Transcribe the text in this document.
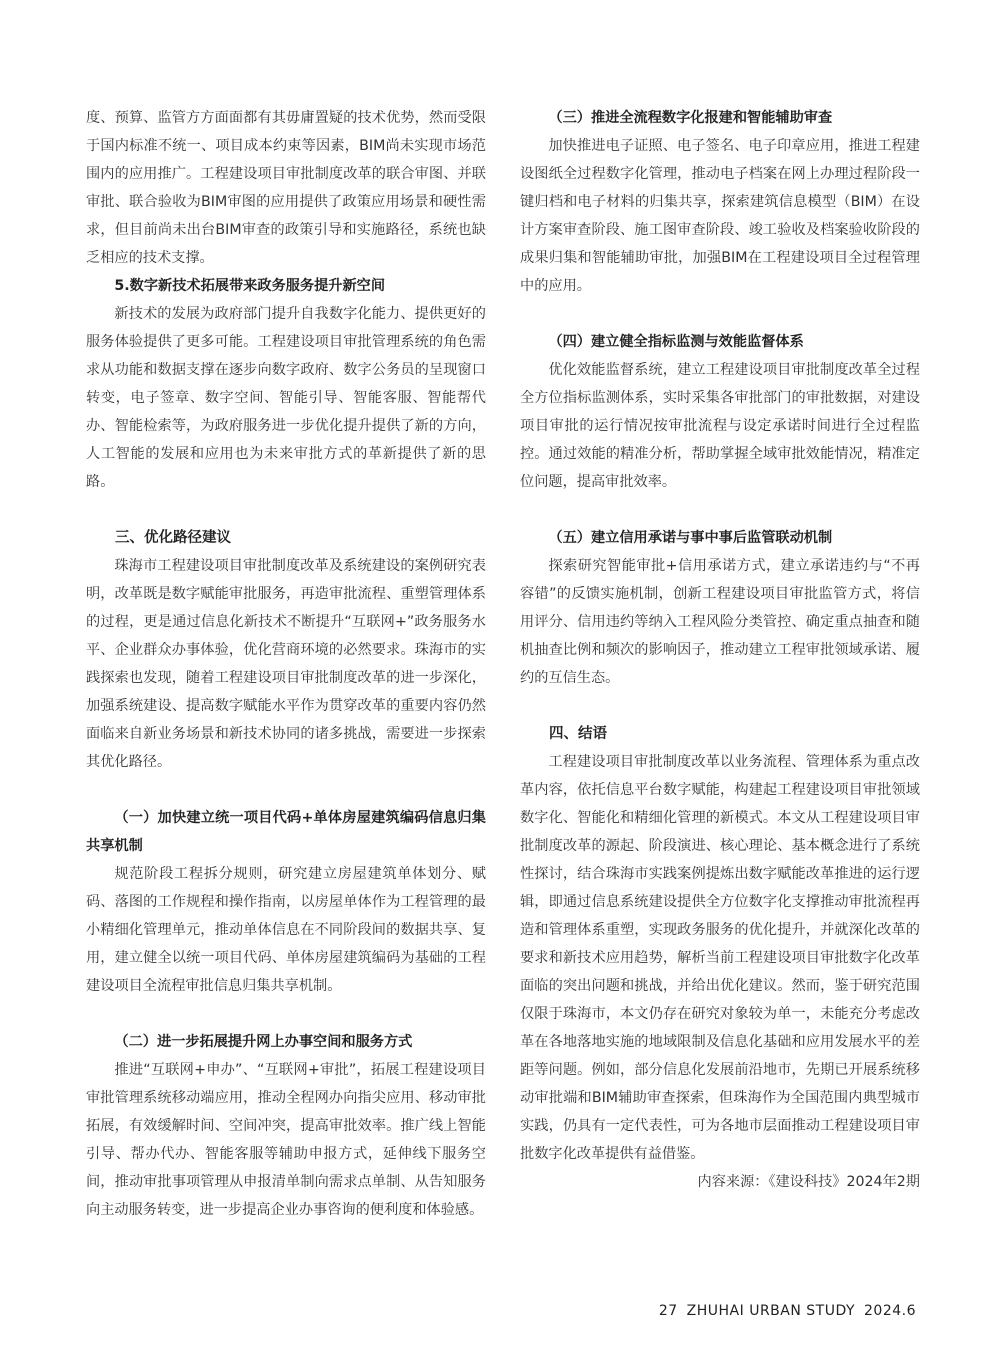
度、预算、监管方方面面都有其毋庸置疑的技术优势，然而受限于国内标准不统一、项目成本约束等因素，BIM尚未实现市场范围内的应用推广。工程建设项目审批制度改革的联合审图、并联审批、联合验收为BIM审图的应用提供了政策应用场景和硬性需求，但目前尚未出台BIM审查的政策引导和实施路径，系统也缺乏相应的技术支撑。

5.数字新技术拓展带来政务服务提升新空间

新技术的发展为政府部门提升自我数字化能力、提供更好的服务体验提供了更多可能。工程建设项目审批管理系统的角色需求从功能和数据支撑在逐步向数字政府、数字公务员的呈现窗口转变，电子签章、数字空间、智能引导、智能客服、智能帮代办、智能检索等，为政府服务进一步优化提升提供了新的方向，人工智能的发展和应用也为未来审批方式的革新提供了新的思路。

三、优化路径建议

珠海市工程建设项目审批制度改革及系统建设的案例研究表明，改革既是数字赋能审批服务，再造审批流程、重塑管理体系的过程，更是通过信息化新技术不断提升“互联网+”政务服务水平、企业群众办事体验，优化营商环境的必然要求。珠海市的实践探索也发现，随着工程建设项目审批制度改革的进一步深化，加强系统建设、提高数字赋能水平作为贯穿改革的重要内容仍然面临来自新业务场景和新技术协同的诸多挑战，需要进一步探索其优化路径。

（一）加快建立统一项目代码+单体房屋建筑编码信息归集共享机制

规范阶段工程拆分规则，研究建立房屋建筑单体划分、赋码、落图的工作规程和操作指南，以房屋单体作为工程管理的最小精细化管理单元，推动单体信息在不同阶段间的数据共享、复用，建立健全以统一项目代码、单体房屋建筑编码为基础的工程建设项目全流程审批信息归集共享机制。

（二）进一步拓展提升网上办事空间和服务方式

推进“互联网+申办”、“互联网+审批”，拓展工程建设项目审批管理系统移动端应用，推动全程网办向指尖应用、移动审批拓展，有效缓解时间、空间冲突，提高审批效率。推广线上智能引导、帮办代办、智能客服等辅助申报方式，延伸线下服务空间，推动审批事项管理从申报清单制向需求点单制、从告知服务向主动服务转变，进一步提高企业办事咨询的便利度和体验感。

（三）推进全流程数字化报建和智能辅助审查

加快推进电子证照、电子签名、电子印章应用，推进工程建设图纸全过程数字化管理，推动电子档案在网上办理过程阶段一键归档和电子材料的归集共享，探索建筑信息模型（BIM）在设计方案审查阶段、施工图审查阶段、竣工验收及档案验收阶段的成果归集和智能辅助审批，加强BIM在工程建设项目全过程管理中的应用。

（四）建立健全指标监测与效能监督体系

优化效能监督系统，建立工程建设项目审批制度改革全过程全方位指标监测体系，实时采集各审批部门的审批数据，对建设项目审批的运行情况按审批流程与设定承诺时间进行全过程监控。通过效能的精准分析，帮助掌握全域审批效能情况，精准定位问题，提高审批效率。

（五）建立信用承诺与事中事后监管联动机制

探索研究智能审批+信用承诺方式，建立承诺违约与“不再容错”的反馈实施机制，创新工程建设项目审批监管方式，将信用评分、信用违约等纳入工程风险分类管控、确定重点抽查和随机抽查比例和频次的影响因子，推动建立工程审批领域承诺、履约的互信生态。

四、结语

工程建设项目审批制度改革以业务流程、管理体系为重点改革内容，依托信息平台数字赋能，构建起工程建设项目审批领域数字化、智能化和精细化管理的新模式。本文从工程建设项目审批制度改革的源起、阶段演进、核心理论、基本概念进行了系统性探讨，结合珠海市实践案例提炼出数字赋能改革推进的运行逻辑，即通过信息系统建设提供全方位数字化支撑推动审批流程再造和管理体系重塑，实现政务服务的优化提升，并就深化改革的要求和新技术应用趋势，解析当前工程建设项目审批数字化改革面临的突出问题和挑战，并给出优化建议。然而，鉴于研究范围仅限于珠海市，本文仍存在研究对象较为单一，未能充分考虑改革在各地落地实施的地域限制及信息化基础和应用发展水平的差距等问题。例如，部分信息化发展前沿地市，先期已开展系统移动审批端和BIM辅助审查探索，但珠海作为全国范围内典型城市实践，仍具有一定代表性，可为各地市层面推动工程建设项目审批数字化改革提供有益借鉴。

内容来源：《建设科技》2024年2期

27 ZHUHAI URBAN STUDY 2024.6
